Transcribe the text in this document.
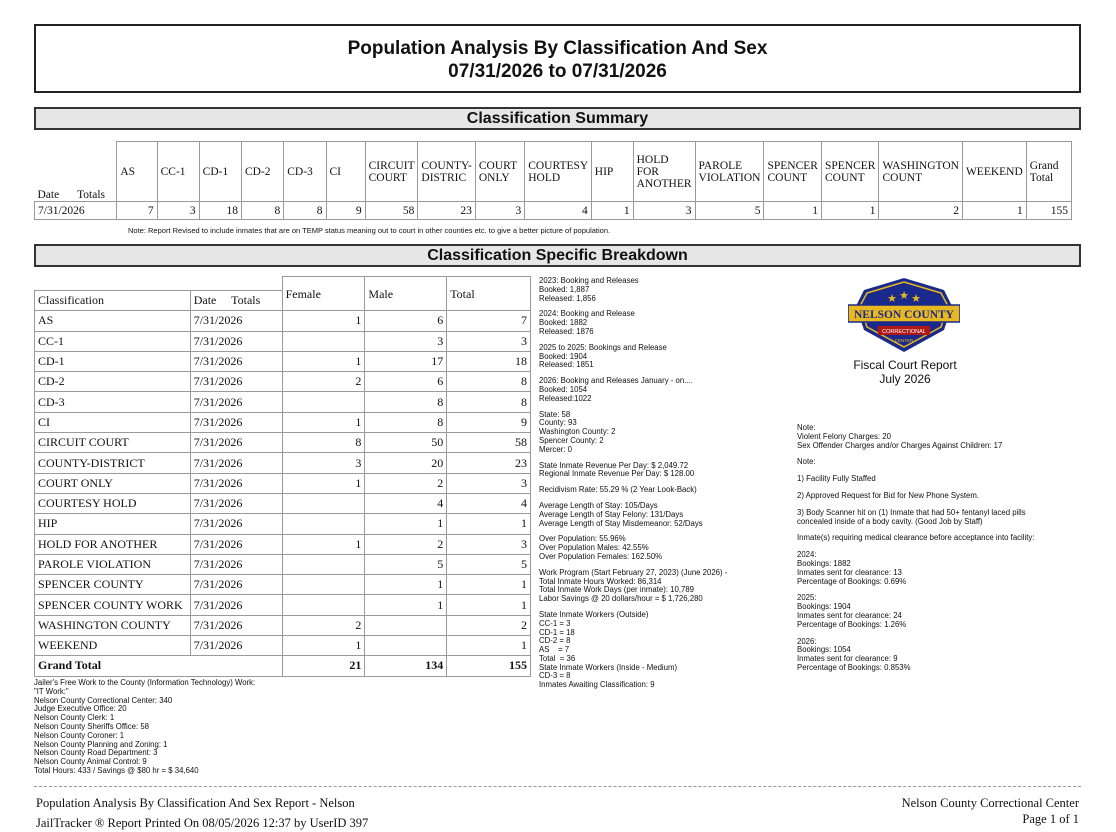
Population Analysis By Classification And Sex
07/31/2026 to 07/31/2026
Classification Summary
Date	Totals	AS	CC-1	CD-1	CD-2	CD-3	CI	CIRCUIT COURT	COUNTY-DISTRIC	COURT ONLY	COURTESY HOLD	HIP	HOLD FOR ANOTHER	PAROLE VIOLATION	SPENCER COUNT	SPENCER COUNT	WASHINGTON COUNT	WEEKEND	Grand Total
7/31/2026		7	3	18	8	8	9	58	23	3	4	1	3	5	1	1	2	1	155
Note: Report Revised to include inmates that are on TEMP status meaning out to court in other counties etc. to give a better picture of population.
Classification Specific Breakdown
			Female	Male	Total
Classification	Date	Totals			
AS	7/31/2026		1	6	7
CC-1	7/31/2026			3	3
CD-1	7/31/2026		1	17	18
CD-2	7/31/2026		2	6	8
CD-3	7/31/2026			8	8
CI	7/31/2026		1	8	9
CIRCUIT COURT	7/31/2026		8	50	58
COUNTY-DISTRICT	7/31/2026		3	20	23
COURT ONLY	7/31/2026		1	2	3
COURTESY HOLD	7/31/2026			4	4
HIP	7/31/2026			1	1
HOLD FOR ANOTHER	7/31/2026		1	2	3
PAROLE VIOLATION	7/31/2026			5	5
SPENCER COUNTY	7/31/2026			1	1
SPENCER COUNTY WORK	7/31/2026			1	1
WASHINGTON COUNTY	7/31/2026		2		2
WEEKEND	7/31/2026		1		1
Grand Total			21	134	155
Jailer's Free Work to the County (Information Technology) Work:
"IT Work:"
Nelson County Correctional Center: 340
Judge Executive Office: 20
Nelson County Clerk: 1
Nelson County Sheriffs Office: 58
Nelson County Coroner: 1
Nelson County Planning and Zoning: 1
Nelson County Road Department: 3
Nelson County Animal Control: 9
Total Hours: 433 / Savings @ $80 hr = $ 34,640

2023: Booking and Releases
Booked: 1,887
Released: 1,856

2024: Booking and Release
Booked: 1882
Released: 1876

2025 to 2025: Bookings and Release
Booked: 1904
Released: 1851

2026: Booking and Releases January - on....
Booked: 1054
Released:1022

State: 58
County: 93
Washington County: 2
Spencer County: 2
Mercer: 0

State Inmate Revenue Per Day: $ 2,049.72
Regional Inmate Revenue Per Day: $ 128.00

Recidivism Rate: 55.29 % (2 Year Look-Back)

Average Length of Stay: 105/Days
Average Length of Stay Felony: 131/Days
Average Length of Stay Misdemeanor: 52/Days

Over Population: 55.96%
Over Population Males: 42.55%
Over Population Females: 162.50%

Work Program (Start February 27, 2023) (June 2026) -
Total Inmate Hours Worked: 86,314
Total Inmate Work Days (per inmate): 10,789
Labor Savings @ 20 dollars/hour = $ 1,726,280

State Inmate Workers (Outside)
CC-1 = 3
CD-1 = 18
CD-2 = 8
AS    = 7
Total  = 36
State Inmate Workers (Inside - Medium)
CD-3 = 8
Inmates Awaiting Classification: 9

★ ★ ★
NELSON COUNTY
CORRECTIONAL
CENTER
Fiscal Court Report
July 2026

Note:
Violent Felony Charges: 20
Sex Offender Charges and/or Charges Against Children: 17

Note:

1) Facility Fully Staffed

2) Approved Request for Bid for New Phone System.

3) Body Scanner hit on (1) Inmate that had 50+ fentanyl laced pills
concealed inside of a body cavity. (Good Job by Staff)

Inmate(s) requiring medical clearance before acceptance into facility:

2024:
Bookings: 1882
Inmates sent for clearance: 13
Percentage of Bookings: 0.69%

2025:
Bookings: 1904
Inmates sent for clearance: 24
Percentage of Bookings: 1.26%

2026:
Bookings: 1054
Inmates sent for clearance: 9
Percentage of Bookings: 0.853%

Population Analysis By Classification And Sex Report - Nelson
JailTracker ® Report Printed On 08/05/2026 12:37 by UserID 397
Nelson County Correctional Center
Page 1 of 1
